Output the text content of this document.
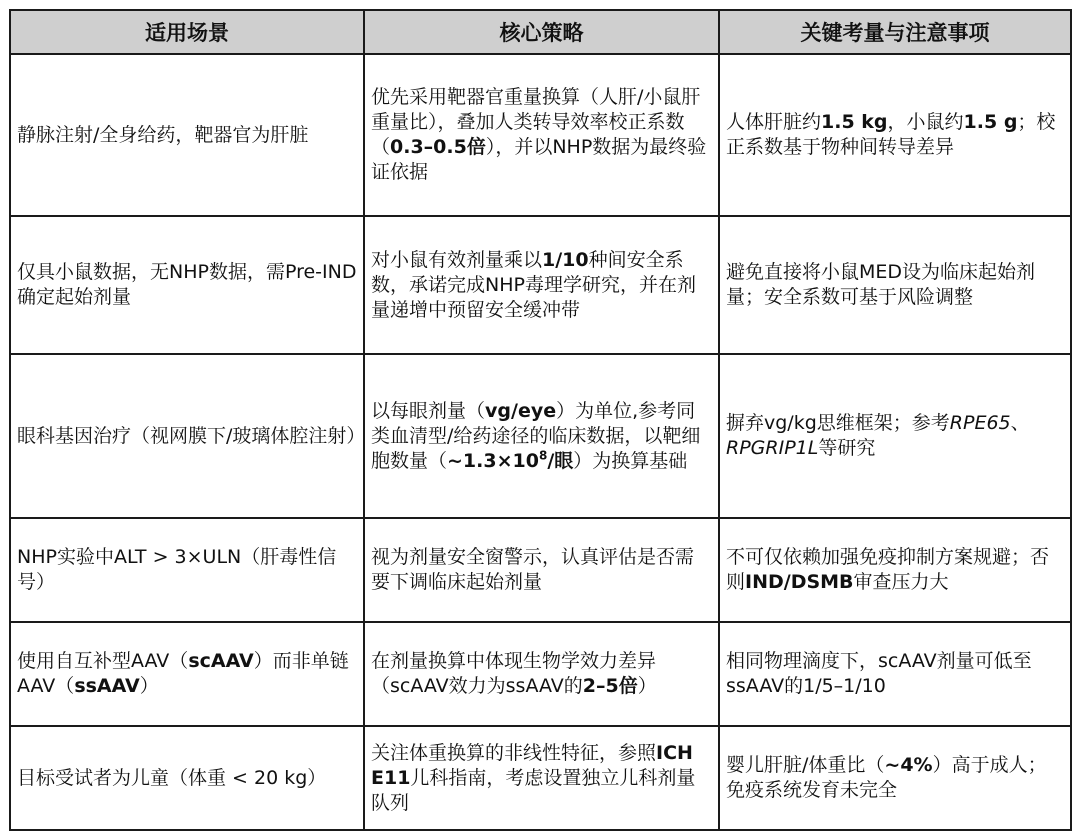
适用场景	核心策略	关键考量与注意事项
静脉注射/全身给药，靶器官为肝脏	优先采用靶器官重量换算（人肝/小鼠肝重量比），叠加人类转导效率校正系数（0.3–0.5倍），并以NHP数据为最终验证依据	人体肝脏约1.5 kg，小鼠约1.5 g；校正系数基于物种间转导差异
仅具小鼠数据，无NHP数据，需Pre-IND确定起始剂量	对小鼠有效剂量乘以1/10种间安全系数，承诺完成NHP毒理学研究，并在剂量递增中预留安全缓冲带	避免直接将小鼠MED设为临床起始剂量；安全系数可基于风险调整
眼科基因治疗（视网膜下/玻璃体腔注射）	以每眼剂量（vg/eye）为单位,参考同类血清型/给药途径的临床数据，以靶细胞数量（$\sim 1.3\times 10^8/$眼）为换算基础	摒弃vg/kg思维框架；参考RPE65、RPGRIP1L等研究
NHP实验中ALT > 3×ULN（肝毒性信号）	视为剂量安全窗警示，认真评估是否需要下调临床起始剂量	不可仅依赖加强免疫抑制方案规避；否则IND/DSMB审查压力大
使用自互补型AAV（scAAV）而非单链AAV（ssAAV）	在剂量换算中体现生物学效力差异（scAAV效力为ssAAV的2–5倍）	相同物理滴度下，scAAV剂量可低至ssAAV的1/5–1/10
目标受试者为儿童（体重 < 20 kg）	关注体重换算的非线性特征，参照ICH E11儿科指南，考虑设置独立儿科剂量队列	婴儿肝脏/体重比（~4%）高于成人；免疫系统发育未完全
